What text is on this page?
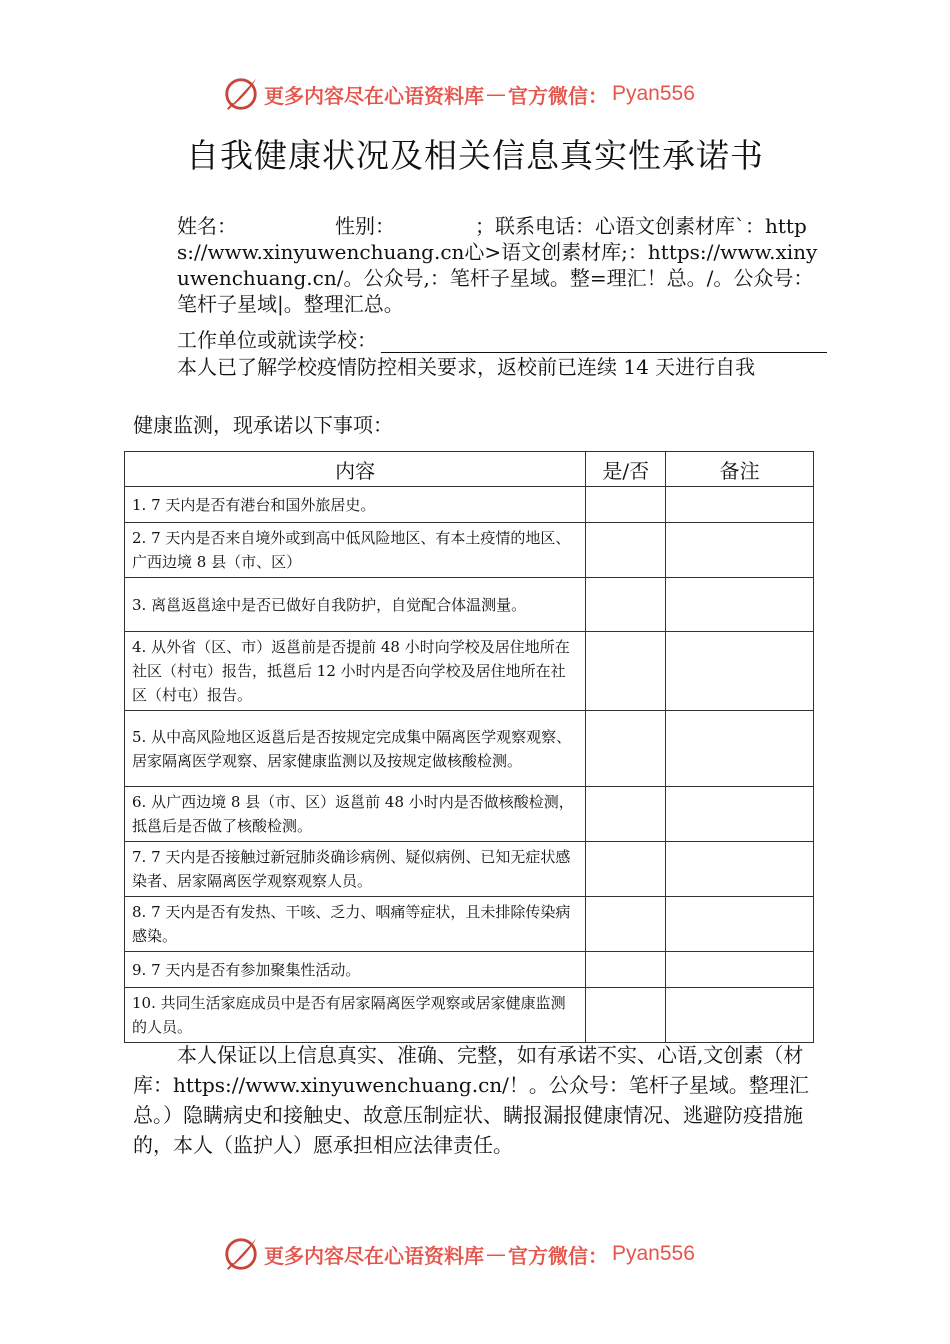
更多内容尽在心语资料库 — 官方微信： Pyan556
自我健康状况及相关信息真实性承诺书
姓名：	性别：	；联系电话：心语文创素材库`：https://www.xinyuwenchuang.cn心>语文创素材库;：https://www.xinyuwenchuang.cn/。公众号,：笔杆子星域。整=理汇！总。/。公众号：笔杆子星域|。整理汇总。
工作单位或就读学校：
本人已了解学校疫情防控相关要求，返校前已连续 14 天进行自我
健康监测，现承诺以下事项：
内容	是/否	备注
1. 7 天内是否有港台和国外旅居史。		
2. 7 天内是否来自境外或到高中低风险地区、有本土疫情的地区、广西边境 8 县（市、区）		
3. 离邕返邕途中是否已做好自我防护，自觉配合体温测量。		
4. 从外省（区、市）返邕前是否提前 48 小时向学校及居住地所在社区（村屯）报告，抵邕后 12 小时内是否向学校及居住地所在社区（村屯）报告。		
5. 从中高风险地区返邕后是否按规定完成集中隔离医学观察观察、居家隔离医学观察、居家健康监测以及按规定做核酸检测。		
6. 从广西边境 8 县（市、区）返邕前 48 小时内是否做核酸检测，抵邕后是否做了核酸检测。		
7. 7 天内是否接触过新冠肺炎确诊病例、疑似病例、已知无症状感染者、居家隔离医学观察观察人员。		
8. 7 天内是否有发热、干咳、乏力、咽痛等症状，且未排除传染病感染。		
9. 7 天内是否有参加聚集性活动。		
10. 共同生活家庭成员中是否有居家隔离医学观察或居家健康监测的人员。		
本人保证以上信息真实、准确、完整，如有承诺不实、心语,文创素（材库：https://www.xinyuwenchuang.cn/！。公众号：笔杆子星域。整理汇总。）隐瞒病史和接触史、故意压制症状、瞒报漏报健康情况、逃避防疫措施的，本人（监护人）愿承担相应法律责任。
更多内容尽在心语资料库 — 官方微信： Pyan556
